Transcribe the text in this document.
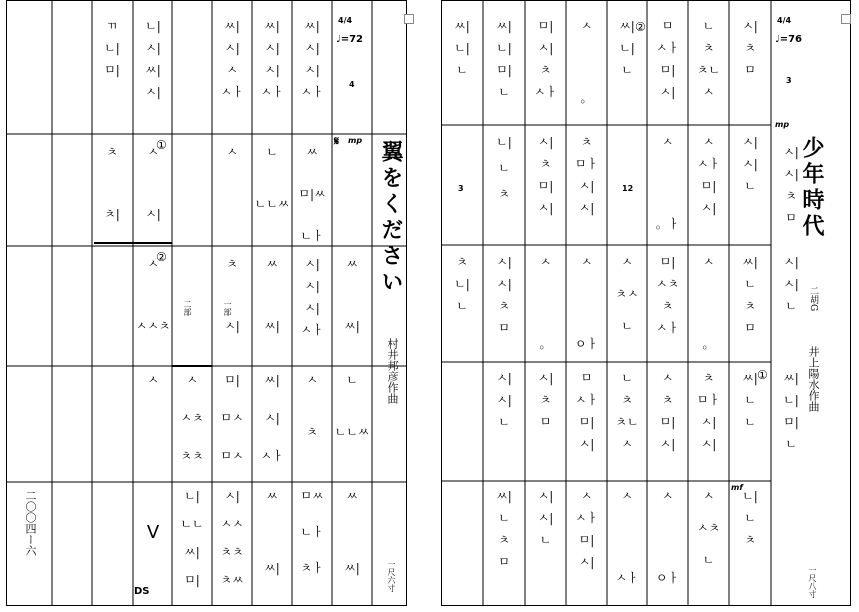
翼をください
村井邦彦作曲
一尺六寸
二〇〇四ー六
4/4
♩=72
4
𝄋 mp
①
②
二部	一部
DS
ㄲ
ㄴ|
ㅁ|
ㄴ|
ㅅ|
ㅆ|
ㅅ|
ㅆ|
ㅅ|
ㅅ
ㅅㅏ
ㅆ|
ㅅ|
ㅅ|
ㅅㅏ
ㅆ|
ㅅ|
ㅅ|
ㅅㅏ
ㅊ
ㅊ|
ㅅ
ㅅ|
ㅅ ㄴ
ㄴㄴㅆ
ㅆ
ㅁ|ㅆ
ㄴㅏ
ㅅ
ㅅㅅㅊ
ㅊ
ㅅ|
ㅆ
ㅆ|
ㅅ|
ㅅ|
ㅅ|
ㅅㅏ
ㅆ
ㅆ|
ㅅ ㅅ
ㅅㅊ
ㅊㅊ
ㅁ|
ㅁㅅ
ㅁㅅ
ㅆ|
ㅅ|
ㅅㅏ
ㅅ
ㅊ
ㄴ
ㄴㄴㅆ
V
ㄴ|
ㄴㄴ
ㅆ|
ㅁ|
ㅅ|
ㅅㅅ
ㅊㅊ
ㅊㅆ
ㅆ
ㅆ|
ㅁㅆ
ㄴㅏ
ㅊㅏ
ㅆ
ㅆ|
少年時代
二胡G
井上陽水作曲
一尺八寸
4/4
♩=76
3
mp
12
3
mf
①
②
ㅆ|
ㄴ|
ㄴ
ㅆ|
ㄴ|
ㅁ|
ㄴ
ㅁ|
ㅅ|
ㅊ
ㅅㅏ
ㅅ
。
ㅆ|
ㄴ|
ㄴ
ㅁ
ㅅㅏ
ㅁ|
ㅅ|
ㄴ
ㅊ
ㅊㄴ
ㅅ
ㅅ|
ㅊ
ㅁ
ㄴ|
ㄴ
ㅊ
ㅅ|
ㅊ
ㅁ|
ㅅ|
ㅊ
ㅁㅏ
ㅅ|
ㅅ|
ㅅ
。ㅏ
ㅅ
ㅅㅏ
ㅁ|
ㅅ|
ㅅ|
ㅅ|
ㄴ
ㅅ|
ㅅ|
ㅊ
ㅁ
ㅊ
ㄴ|
ㄴ
ㅅ|
ㅅ|
ㅊ
ㅁ
ㅅ
。
ㅅ
ㅇㅏ
ㅅ
ㅊㅅ
ㄴ
ㅁ|
ㅅㅊ
ㅊ
ㅅㅏ
ㅅ
。
ㅆ|
ㄴ
ㅊ
ㅁ
ㅅ|
ㅅ|
ㄴ
ㅅ|
ㅅ|
ㄴ
ㅅ|
ㅊ
ㅁ
ㅁ
ㅅㅏ
ㅁ|
ㅅ|
ㄴ
ㅊ
ㅊㄴ
ㅅ
ㅅ
ㅊ
ㅁ|
ㅅ|
ㅊ
ㅁㅏ
ㅅ|
ㅅ|
ㅆ|
ㄴ
ㄴ
ㅆ|
ㄴ|
ㅁ|
ㄴ
ㅆ|
ㄴ
ㅊ
ㅁ
ㅅ|
ㅅ|
ㄴ
ㅅ
ㅅㅏ
ㅁ|
ㅅ|
ㅅ
ㅅㅏ
ㅅ
ㅇㅏ
ㅅ
ㅅㅊ
ㄴ
ㄴ|
ㄴ
ㅊ
